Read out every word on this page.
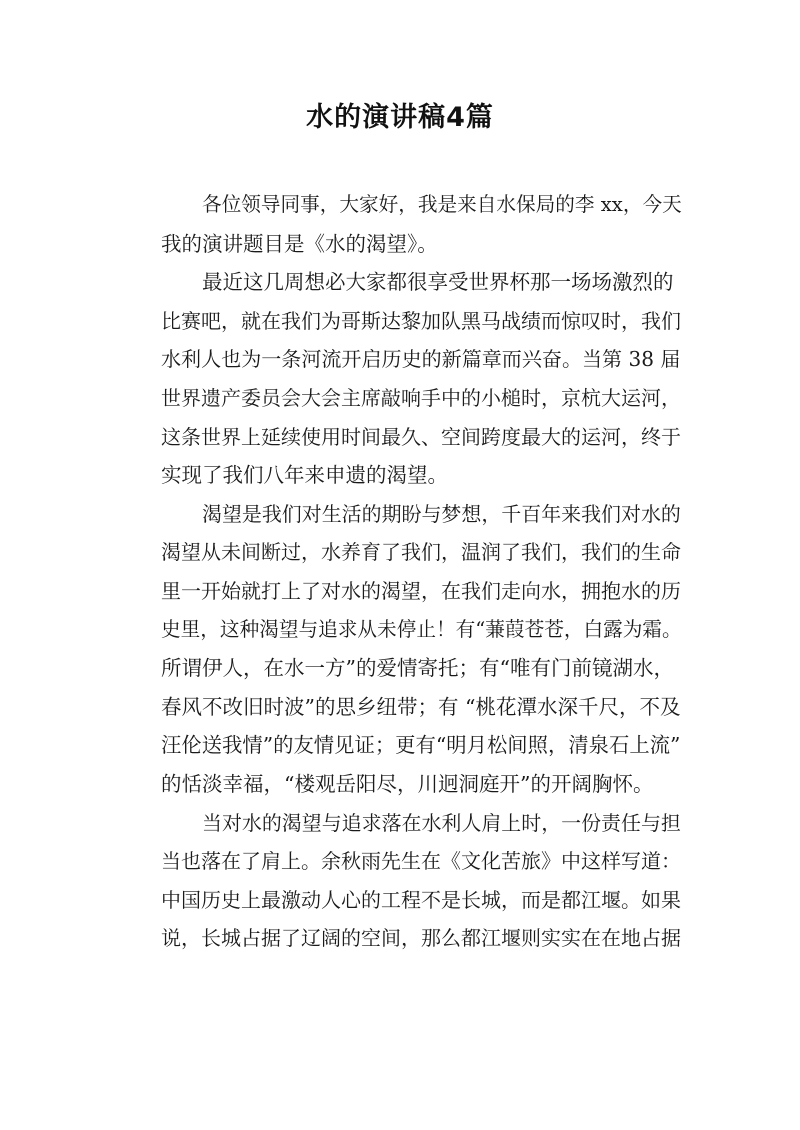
水的演讲稿4篇
各位领导同事，大家好，我是来自水保局的李 xx，今天
我的演讲题目是《水的渴望》。
最近这几周想必大家都很享受世界杯那一场场激烈的
比赛吧，就在我们为哥斯达黎加队黑马战绩而惊叹时，我们
水利人也为一条河流开启历史的新篇章而兴奋。当第 38 届
世界遗产委员会大会主席敲响手中的小槌时，京杭大运河，
这条世界上延续使用时间最久、空间跨度最大的运河，终于
实现了我们八年来申遗的渴望。
渴望是我们对生活的期盼与梦想，千百年来我们对水的
渴望从未间断过，水养育了我们，温润了我们，我们的生命
里一开始就打上了对水的渴望，在我们走向水，拥抱水的历
史里，这种渴望与追求从未停止！有“蒹葭苍苍，白露为霜。
所谓伊人，在水一方”的爱情寄托；有“唯有门前镜湖水，
春风不改旧时波”的思乡纽带；有 “桃花潭水深千尺，不及
汪伦送我情”的友情见证；更有“明月松间照，清泉石上流”
的恬淡幸福，“楼观岳阳尽，川迥洞庭开”的开阔胸怀。
当对水的渴望与追求落在水利人肩上时，一份责任与担
当也落在了肩上。余秋雨先生在《文化苦旅》中这样写道：
中国历史上最激动人心的工程不是长城，而是都江堰。如果
说，长城占据了辽阔的空间，那么都江堰则实实在在地占据
